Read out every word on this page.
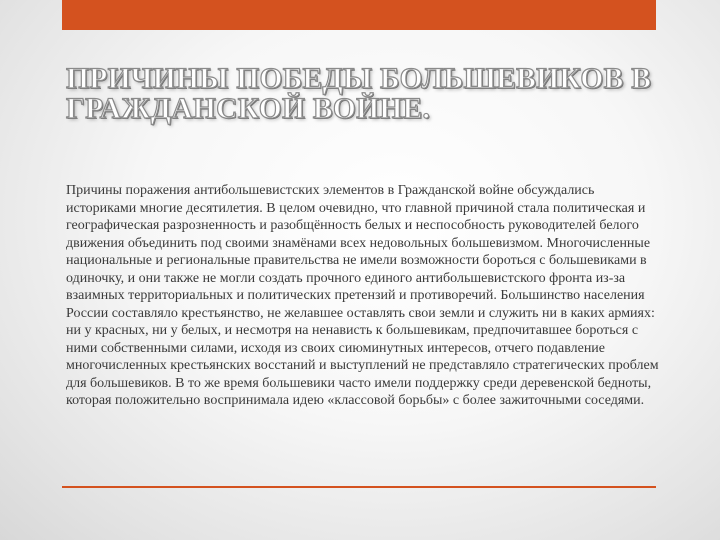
ПРИЧИНЫ ПОБЕДЫ БОЛЬШЕВИКОВ В ГРАЖДАНСКОЙ ВОЙНЕ.

Причины поражения антибольшевистских элементов в Гражданской войне обсуждались историками многие десятилетия. В целом очевидно, что главной причиной стала политическая и географическая разрозненность и разобщённость белых и неспособность руководителей белого движения объединить под своими знамёнами всех недовольных большевизмом. Многочисленные национальные и региональные правительства не имели возможности бороться с большевиками в одиночку, и они также не могли создать прочного единого антибольшевистского фронта из-за взаимных территориальных и политических претензий и противоречий. Большинство населения России составляло крестьянство, не желавшее оставлять свои земли и служить ни в каких армиях: ни у красных, ни у белых, и несмотря на ненависть к большевикам, предпочитавшее бороться с ними собственными силами, исходя из своих сиюминутных интересов, отчего подавление многочисленных крестьянских восстаний и выступлений не представляло стратегических проблем для большевиков. В то же время большевики часто имели поддержку среди деревенской бедноты, которая положительно воспринимала идею «классовой борьбы» с более зажиточными соседями.
